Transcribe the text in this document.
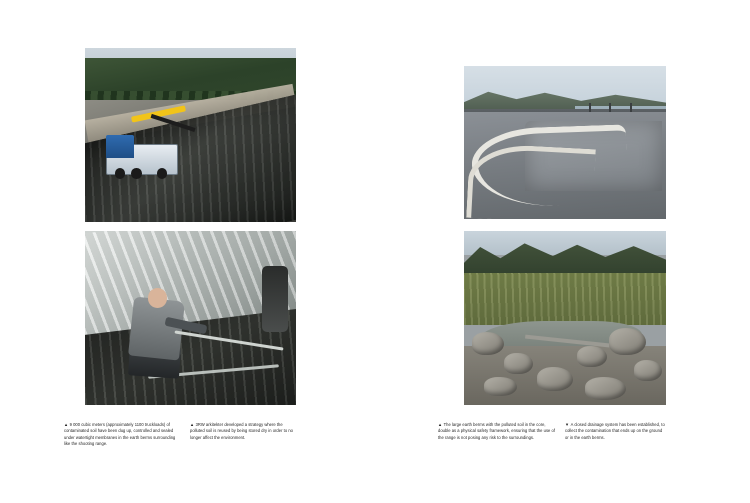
▲ 9 000 cubic meters (approximately 1100 truckloads) of contaminated soil have been dug up, controlled and sealed under watertight membranes in the earth berms surrounding like the shooting range.
▲ 3RW arkitekter developed a strategy where the polluted soil is reused by being stored dry in order to no longer affect the environment.
▲ The large earth berms with the polluted soil in the core, double as a physical safety framework, ensuring that the use of the range is not posing any risk to the surroundings.
▼ A closed drainage system has been established, to collect the contamination that ends up on the ground or in the earth berms.
